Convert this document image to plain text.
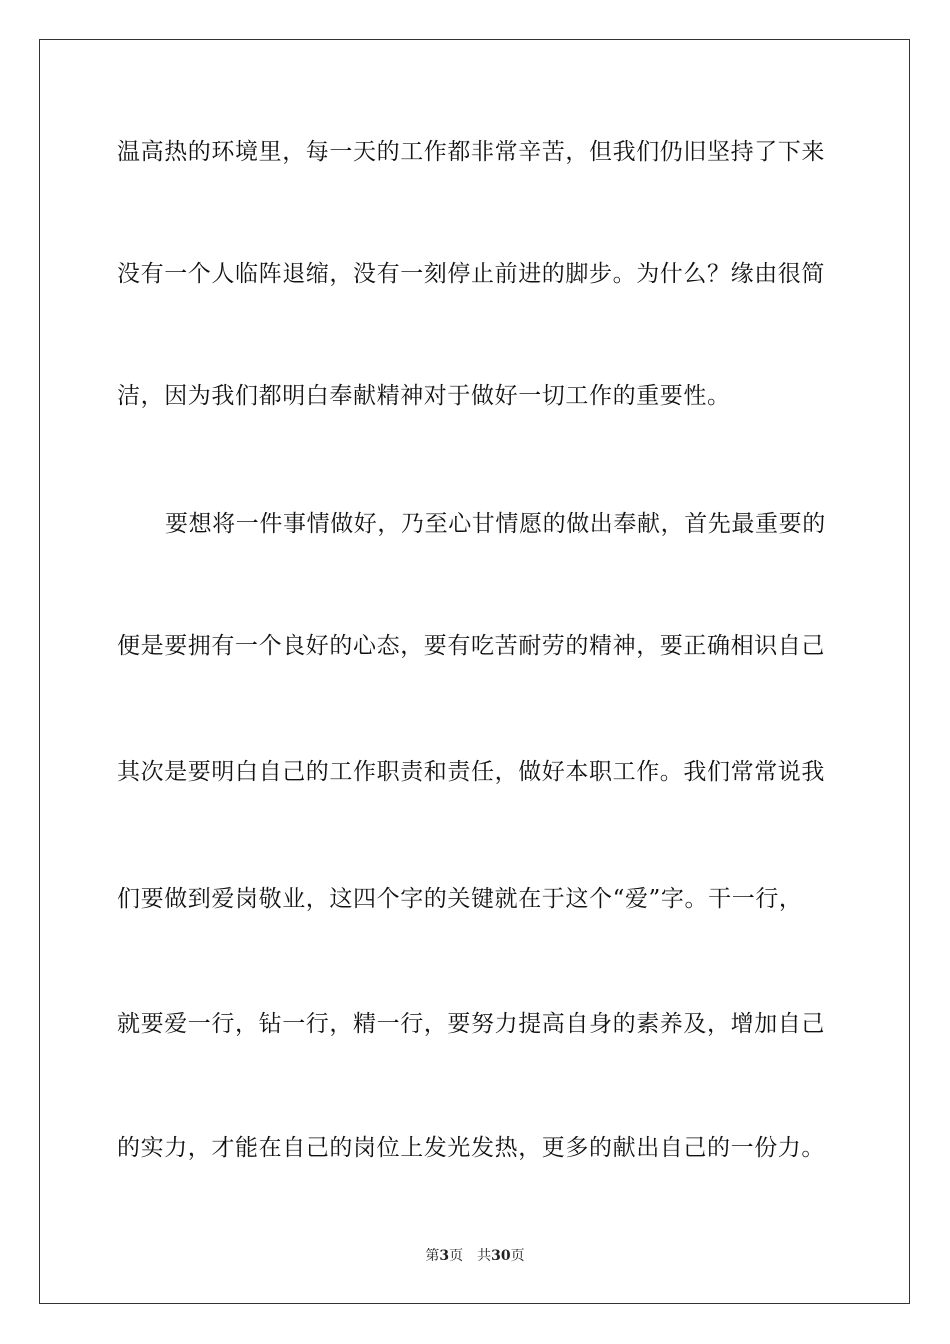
温高热的环境里，每一天的工作都非常辛苦，但我们仍旧坚持了下来
没有一个人临阵退缩，没有一刻停止前进的脚步。为什么？缘由很简
洁，因为我们都明白奉献精神对于做好一切工作的重要性。
要想将一件事情做好，乃至心甘情愿的做出奉献，首先最重要的
便是要拥有一个良好的心态，要有吃苦耐劳的精神，要正确相识自己
其次是要明白自己的工作职责和责任，做好本职工作。我们常常说我
们要做到爱岗敬业，这四个字的关键就在于这个“爱”字。干一行，
就要爱一行，钻一行，精一行，要努力提高自身的素养及，增加自己
的实力，才能在自己的岗位上发光发热，更多的献出自己的一份力。
第3页 共30页
